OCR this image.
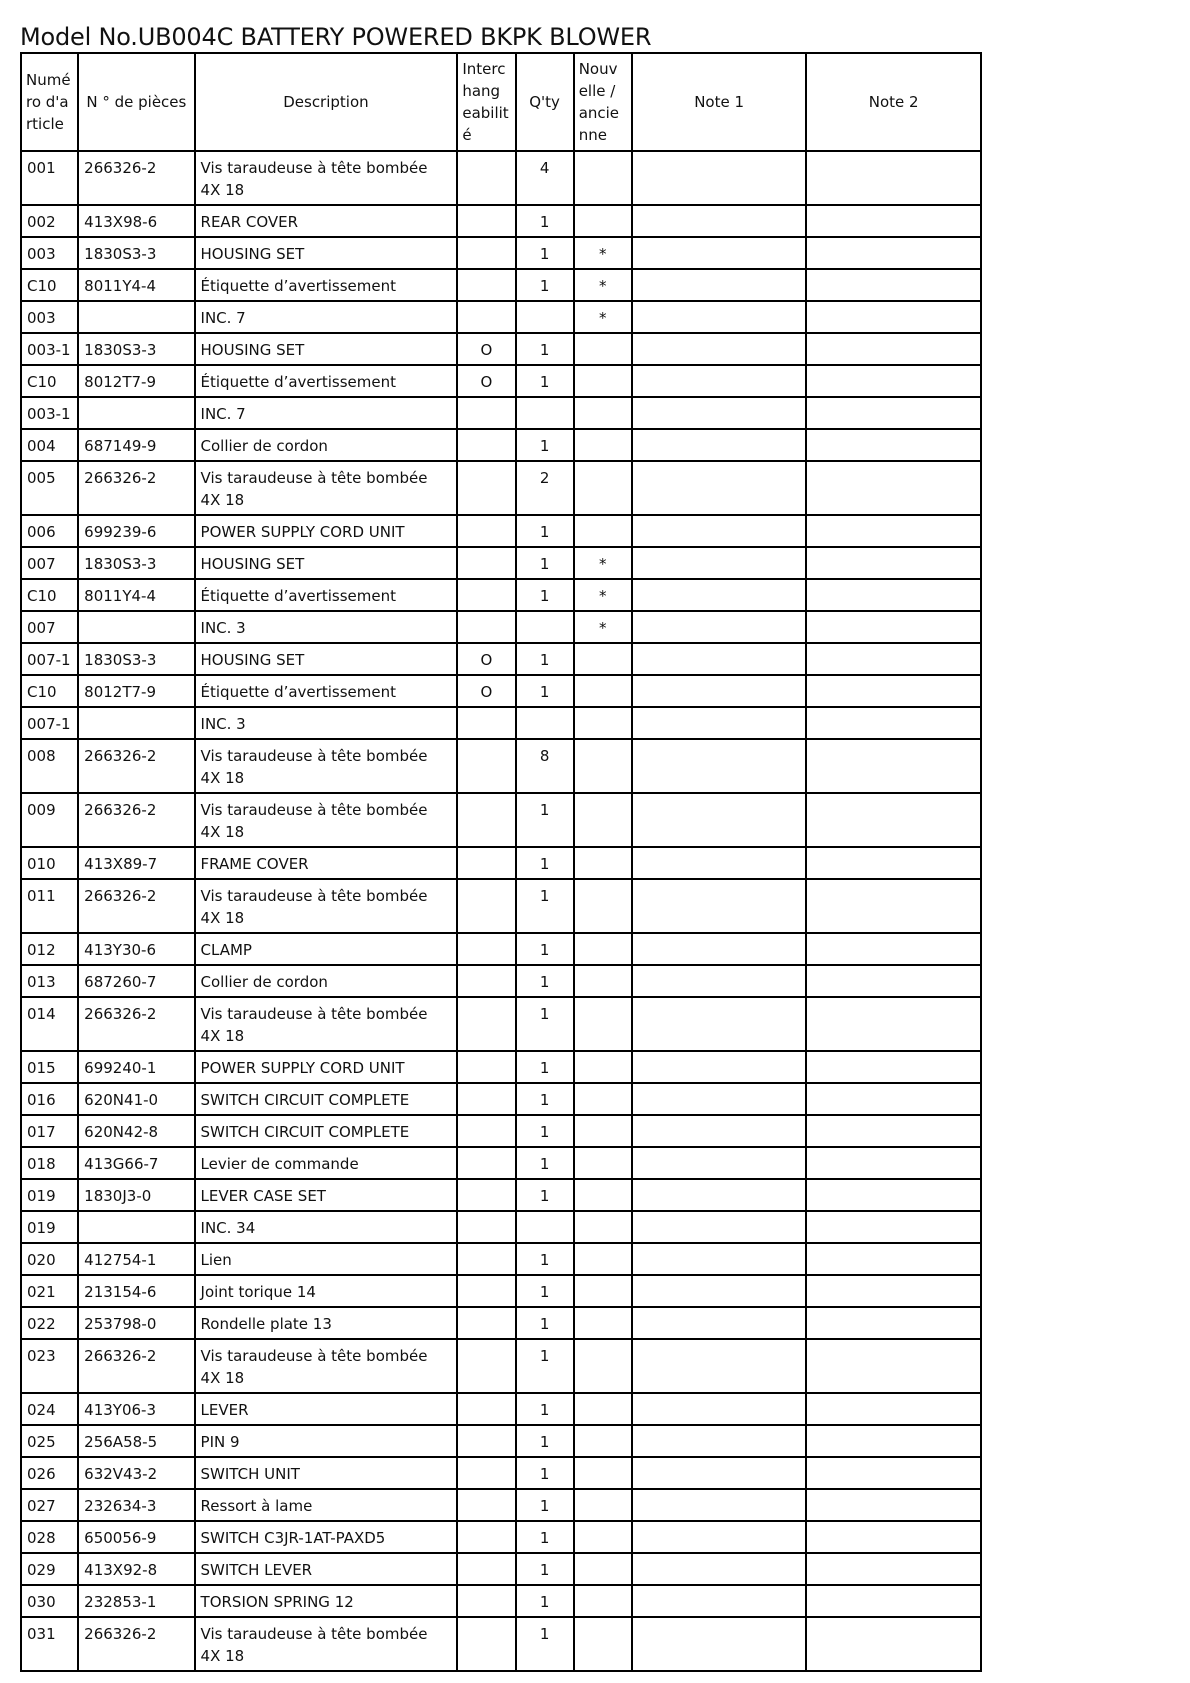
Model No.UB004C BATTERY POWERED BKPK BLOWER
Numé ro d'a rticle	N ° de pièces	Description	Interc hang eabilit é	Q'ty	Nouv elle / ancie nne	Note 1	Note 2
001	266326-2	Vis taraudeuse à tête bombée 4X 18		4			
002	413X98-6	REAR COVER		1			
003	1830S3-3	HOUSING SET		1	*		
C10	8011Y4-4	Étiquette d’avertissement		1	*		
003		INC. 7			*		
003-1	1830S3-3	HOUSING SET	O	1			
C10	8012T7-9	Étiquette d’avertissement	O	1			
003-1		INC. 7					
004	687149-9	Collier de cordon		1			
005	266326-2	Vis taraudeuse à tête bombée 4X 18		2			
006	699239-6	POWER SUPPLY CORD UNIT		1			
007	1830S3-3	HOUSING SET		1	*		
C10	8011Y4-4	Étiquette d’avertissement		1	*		
007		INC. 3			*		
007-1	1830S3-3	HOUSING SET	O	1			
C10	8012T7-9	Étiquette d’avertissement	O	1			
007-1		INC. 3					
008	266326-2	Vis taraudeuse à tête bombée 4X 18		8			
009	266326-2	Vis taraudeuse à tête bombée 4X 18		1			
010	413X89-7	FRAME COVER		1			
011	266326-2	Vis taraudeuse à tête bombée 4X 18		1			
012	413Y30-6	CLAMP		1			
013	687260-7	Collier de cordon		1			
014	266326-2	Vis taraudeuse à tête bombée 4X 18		1			
015	699240-1	POWER SUPPLY CORD UNIT		1			
016	620N41-0	SWITCH CIRCUIT COMPLETE		1			
017	620N42-8	SWITCH CIRCUIT COMPLETE		1			
018	413G66-7	Levier de commande		1			
019	1830J3-0	LEVER CASE SET		1			
019		INC. 34					
020	412754-1	Lien		1			
021	213154-6	Joint torique 14		1			
022	253798-0	Rondelle plate 13		1			
023	266326-2	Vis taraudeuse à tête bombée 4X 18		1			
024	413Y06-3	LEVER		1			
025	256A58-5	PIN 9		1			
026	632V43-2	SWITCH UNIT		1			
027	232634-3	Ressort à lame		1			
028	650056-9	SWITCH C3JR-1AT-PAXD5		1			
029	413X92-8	SWITCH LEVER		1			
030	232853-1	TORSION SPRING 12		1			
031	266326-2	Vis taraudeuse à tête bombée 4X 18		1			
